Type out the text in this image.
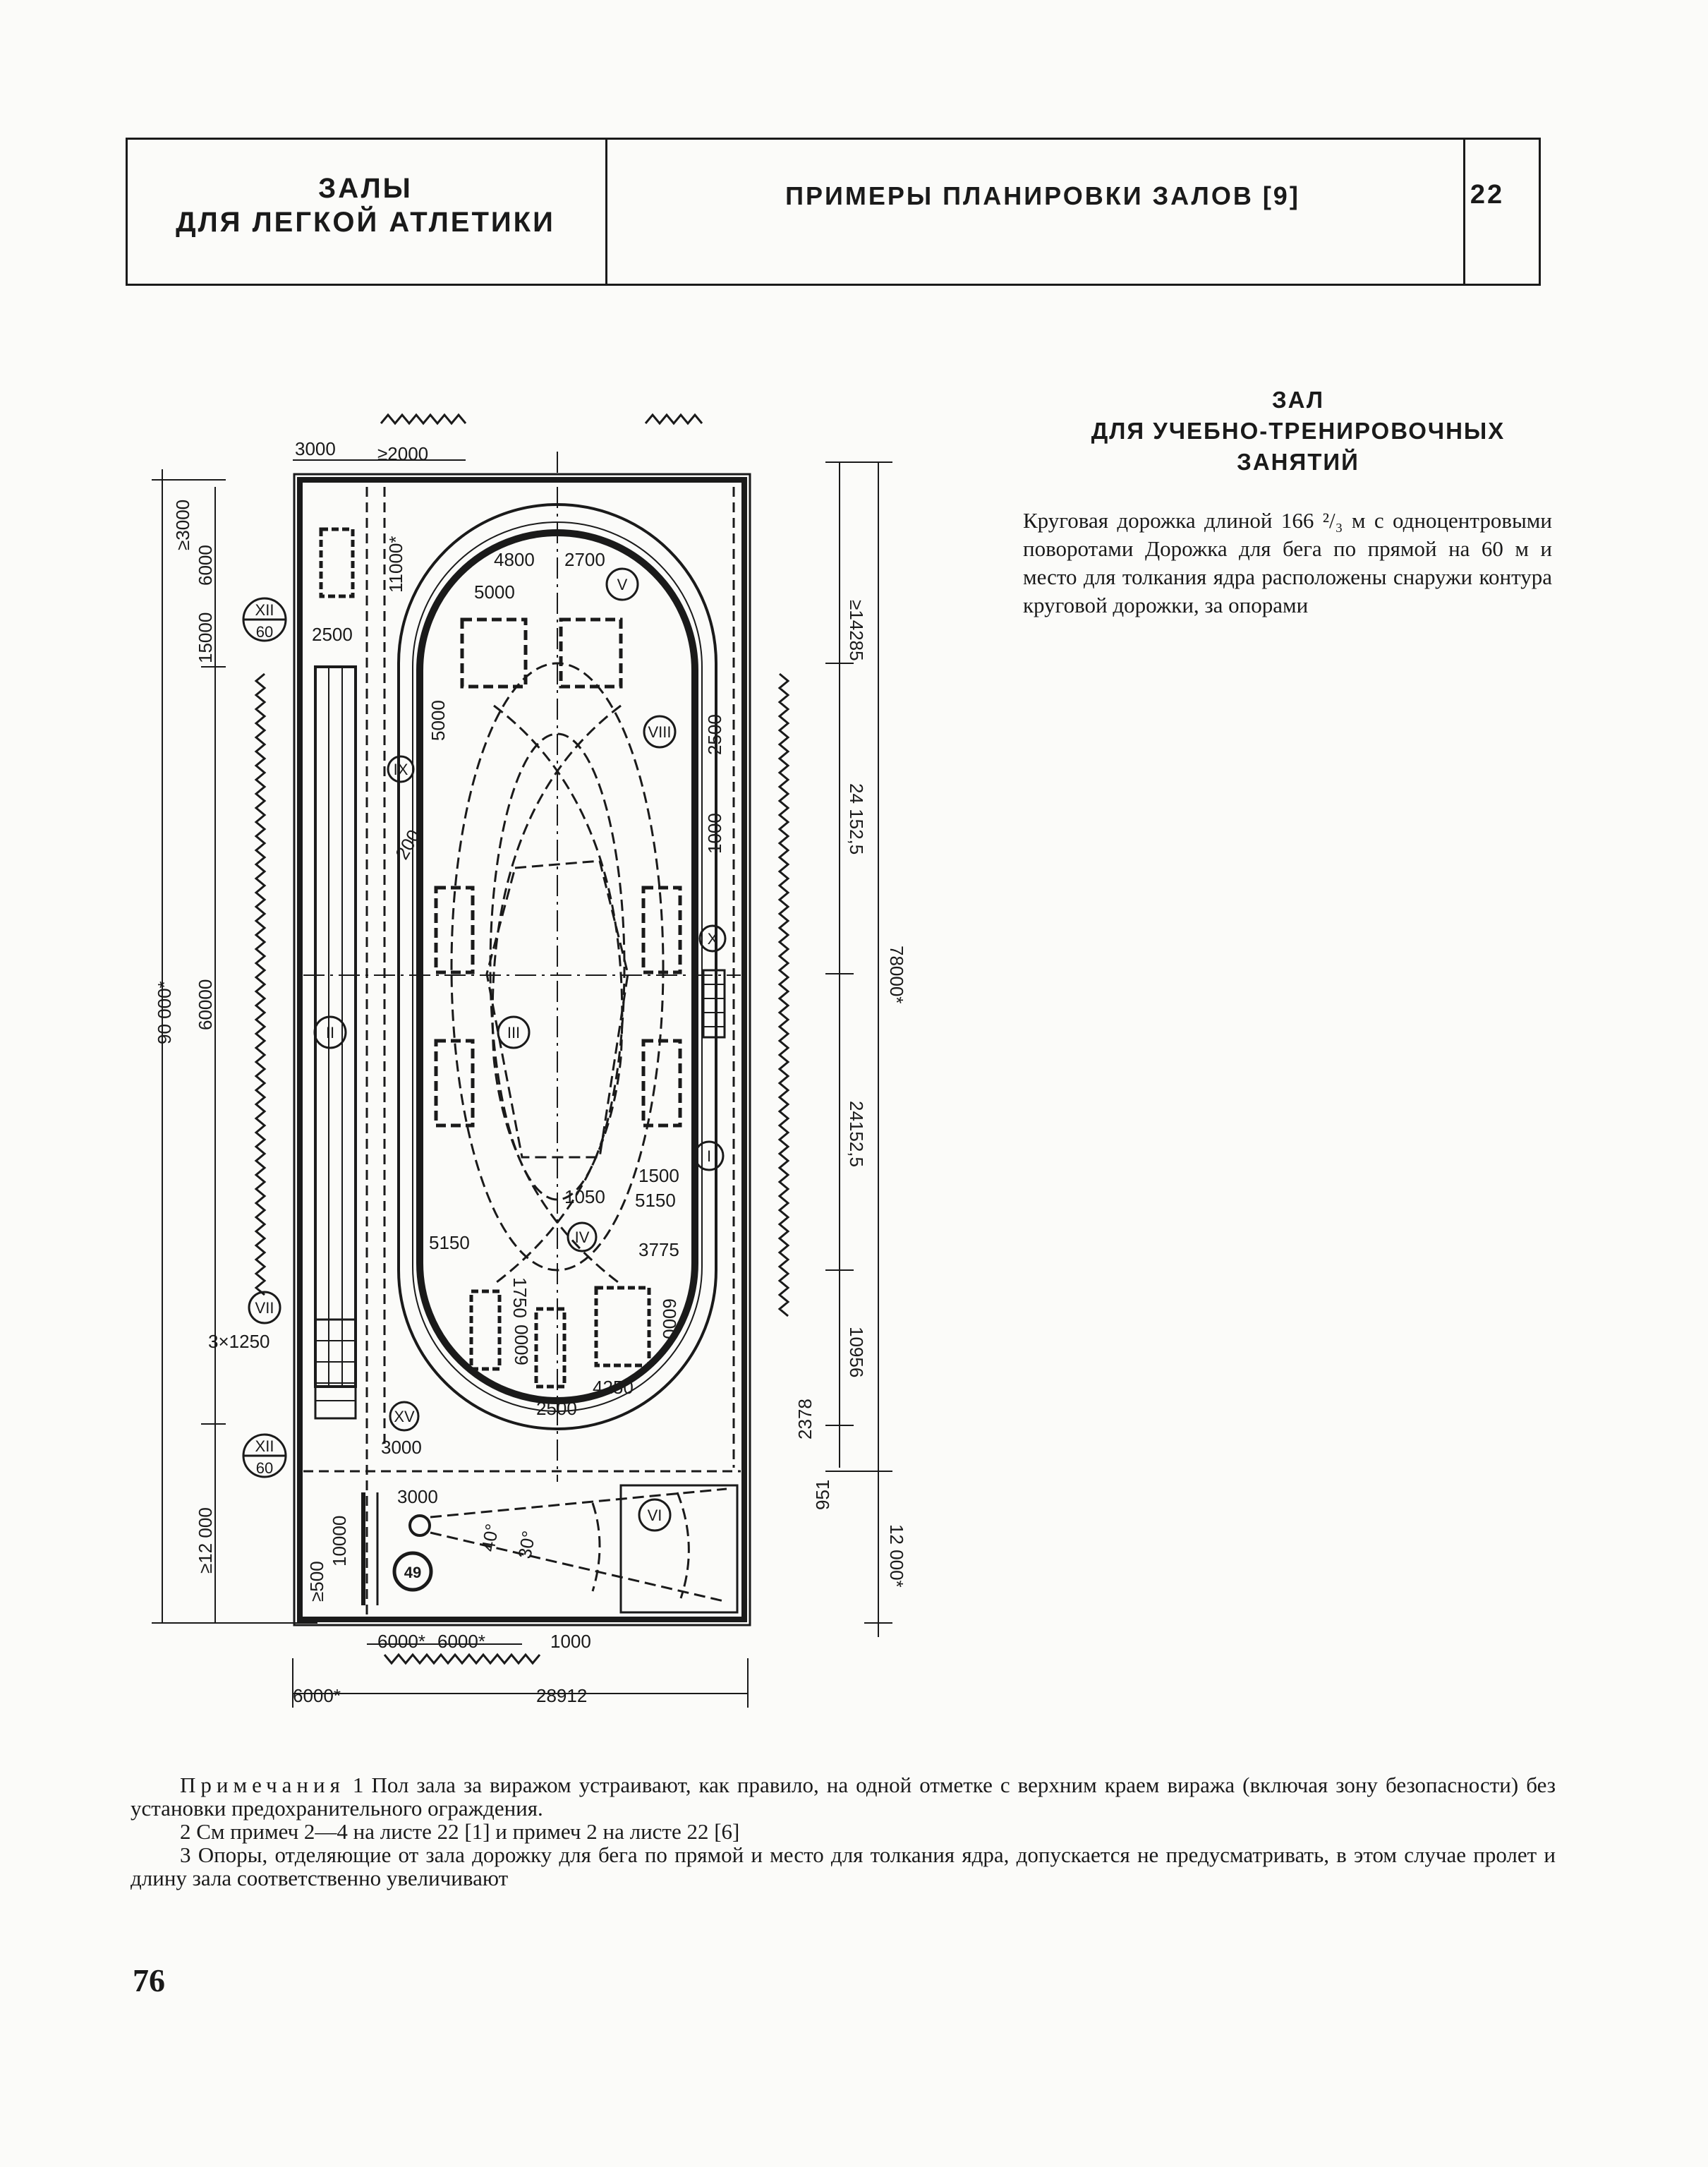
ЗАЛЫ
ДЛЯ ЛЕГКОЙ АТЛЕТИКИ
ПРИМЕРЫ ПЛАНИРОВКИ ЗАЛОВ [9]	22
ЗАЛ
ДЛЯ УЧЕБНО-ТРЕНИРОВОЧНЫХ
ЗАНЯТИЙ
Круговая дорожка длиной 166 ²/₃ м с одноцентровыми поворотами Дорожка для бега по прямой на 60 м и место для толкания ядра расположены снаружи контура круговой дорожки, за опорами
90 000* 60000
≥12 000	10000
≥500
≥3000
6000
15000	≥14285
24 152,5
78000*
24152,5
10956
2378
951
12 000*
3000 ≥2000
4800 2700
5000
2500
3×1250
5150
1050
1500
5150
3775
1750
6000
6000
4250
2500
3000
3000
6000* 6000*	1000
6000*	28912
11000*
5000	2500
1000
200
40° 30°
XII
60
V
VIII
IX
X
II	III
I
IV
VII
XV
XII
60
VI
49

Примечания 1 Пол зала за виражом устраивают, как правило, на одной отметке с верхним краем виража (включая зону безопасности) без установки предохранительного ограждения.

2 См примеч 2—4 на листе 22 [1] и примеч 2 на листе 22 [6]

3 Опоры, отделяющие от зала дорожку для бега по прямой и место для толкания ядра, допускается не предусматривать, в этом случае пролет и длину зала соответственно увеличивают

76
